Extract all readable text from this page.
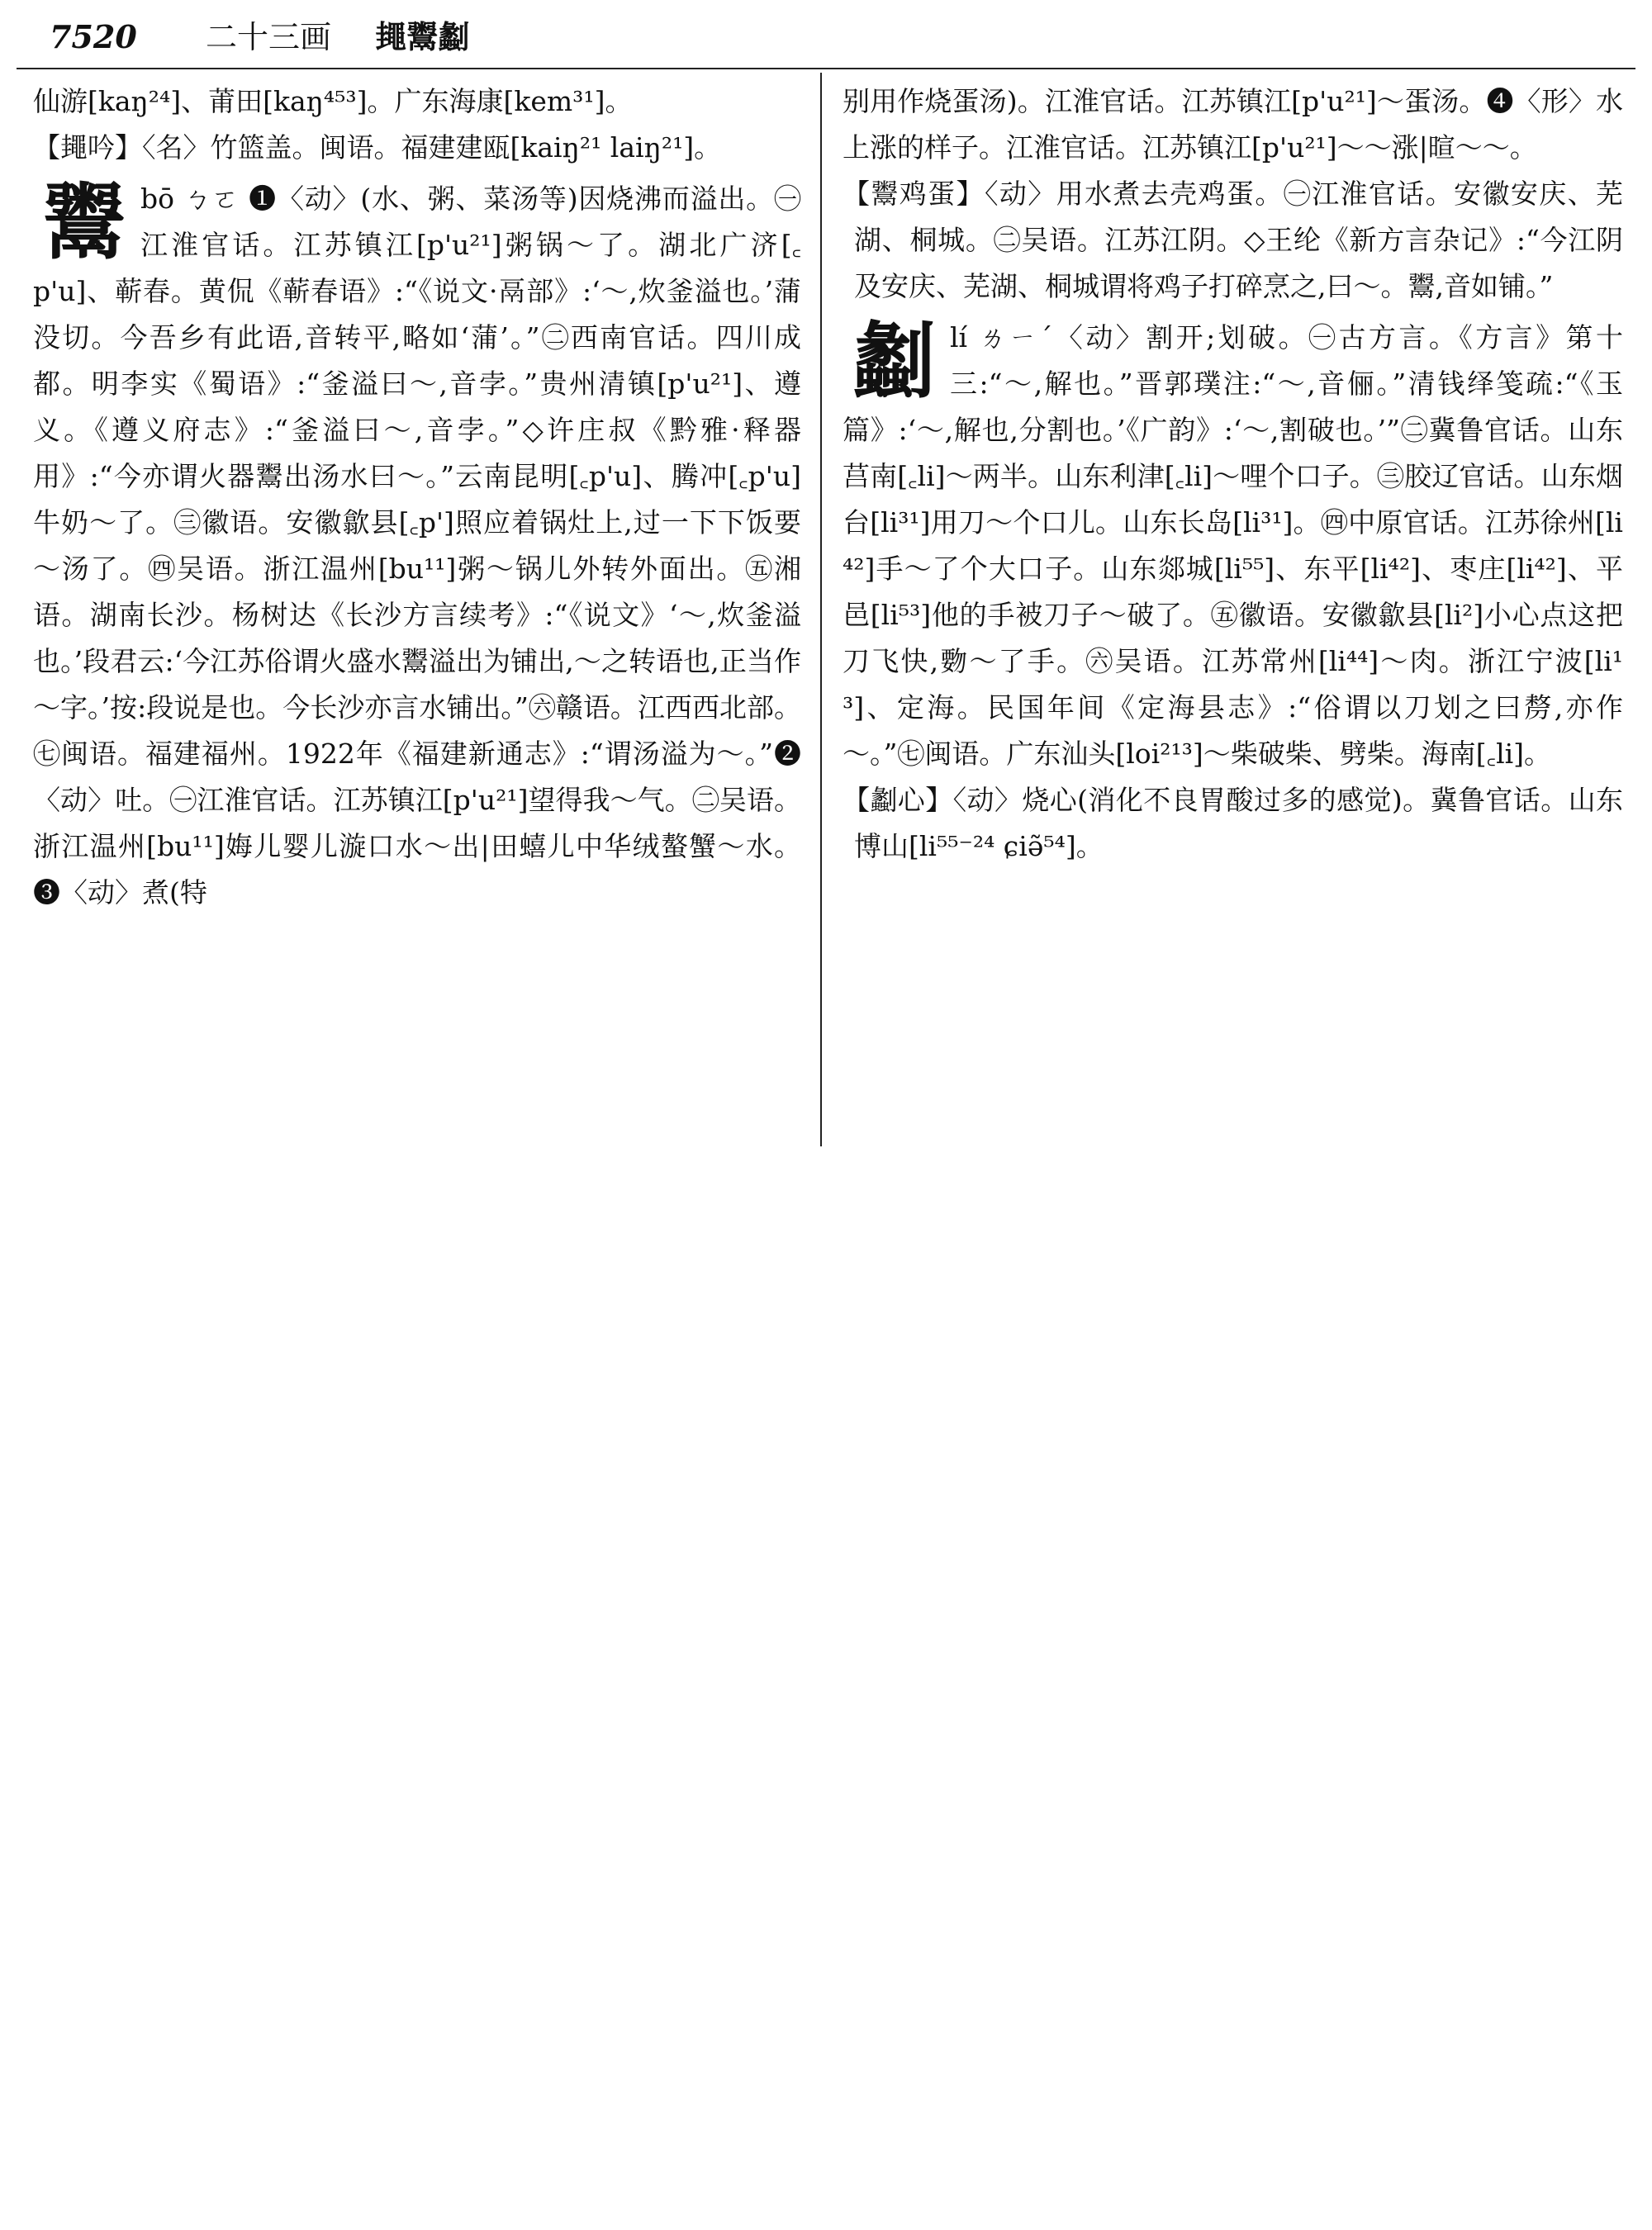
7520 二十三画 䵷鬻劙

仙游[kaŋ²⁴]、莆田[kaŋ⁴⁵³]。广东海康[kem³¹]。

【䵷吟】〈名〉竹篮盖。闽语。福建建瓯[kaiŋ²¹ laiŋ²¹]。

鬻 bō ㄅㄛ ❶〈动〉(水、粥、菜汤等)因烧沸而溢出。㊀江淮官话。江苏镇江[p'u²¹]粥锅～了。湖北广济[꜀p'u]、蕲春。黄侃《蕲春语》:“《说文·鬲部》:‘～,炊釜溢也。’蒲没切。今吾乡有此语,音转平,略如‘蒲’。”㊁西南官话。四川成都。明李实《蜀语》:“釜溢曰～,音孛。”贵州清镇[p'u²¹]、遵义。《遵义府志》:“釜溢曰～,音孛。”◇许庄叔《黔雅·释器用》:“今亦谓火器鬻出汤水曰～。”云南昆明[꜀p'u]、腾冲[꜀p'u]牛奶～了。㊂徽语。安徽歙县[꜀p']照应着锅灶上,过一下下饭要～汤了。㊃吴语。浙江温州[bu¹¹]粥～锅儿外转外面出。㊄湘语。湖南长沙。杨树达《长沙方言续考》:“《说文》‘～,炊釜溢也。’段君云:‘今江苏俗谓火盛水鬻溢出为铺出,～之转语也,正当作～字。’按:段说是也。今长沙亦言水铺出。”㊅赣语。江西西北部。㊆闽语。福建福州。1922年《福建新通志》:“谓汤溢为～。”❷〈动〉吐。㊀江淮官话。江苏镇江[p'u²¹]望得我～气。㊁吴语。浙江温州[bu¹¹]娒儿婴儿漩口水～出|田蟢儿中华绒螯蟹～水。❸〈动〉煮(特

别用作烧蛋汤)。江淮官话。江苏镇江[p'u²¹]～蛋汤。❹〈形〉水上涨的样子。江淮官话。江苏镇江[p'u²¹]～～涨|暄～～。

【鬻鸡蛋】〈动〉用水煮去壳鸡蛋。㊀江淮官话。安徽安庆、芜湖、桐城。㊁吴语。江苏江阴。◇王纶《新方言杂记》:“今江阴及安庆、芜湖、桐城谓将鸡子打碎烹之,曰～。鬻,音如铺。”

劙 lí ㄌㄧˊ〈动〉割开;划破。㊀古方言。《方言》第十三:“～,解也。”晋郭璞注:“～,音俪。”清钱绎笺疏:“《玉篇》:‘～,解也,分割也。’《广韵》:‘～,割破也。’”㊁冀鲁官话。山东莒南[꜀li]～两半。山东利津[꜀li]～哩个口子。㊂胶辽官话。山东烟台[li³¹]用刀～个口儿。山东长岛[li³¹]。㊃中原官话。江苏徐州[li⁴²]手～了个大口子。山东郯城[li⁵⁵]、东平[li⁴²]、枣庄[li⁴²]、平邑[li⁵³]他的手被刀子～破了。㊄徽语。安徽歙县[li²]小心点这把刀飞快,覅～了手。㊅吴语。江苏常州[li⁴⁴]～肉。浙江宁波[li¹³]、定海。民国年间《定海县志》:“俗谓以刀划之曰剺,亦作～。”㊆闽语。广东汕头[loi²¹³]～柴破柴、劈柴。海南[꜀li]。

【劙心】〈动〉烧心(消化不良胃酸过多的感觉)。冀鲁官话。山东博山[li⁵⁵⁻²⁴ ɕiə̃⁵⁴]。
